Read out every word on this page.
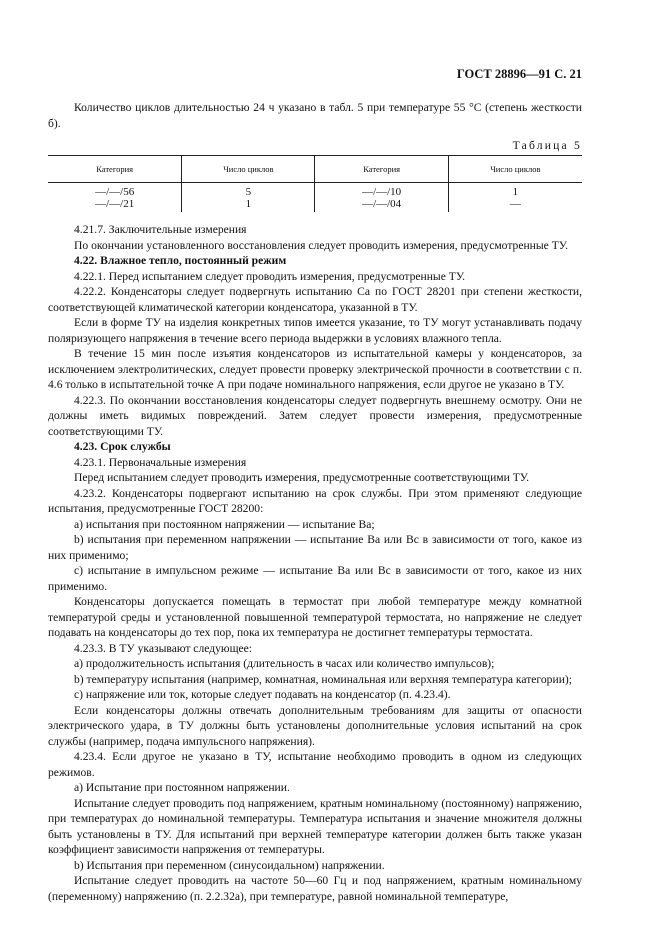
ГОСТ 28896—91 С. 21

Количество циклов длительностью 24 ч указано в табл. 5 при температуре 55 °С (степень жесткости б).

Таблица 5
Категория	Число циклов	Категория	Число циклов
—/—/56	5	—/—/10	1
—/—/21	1	—/—/04	—

4.21.7. Заключительные измерения

По окончании установленного восстановления следует проводить измерения, предусмотренные ТУ.

4.22. Влажное тепло, постоянный режим

4.22.1. Перед испытанием следует проводить измерения, предусмотренные ТУ.

4.22.2. Конденсаторы следует подвергнуть испытанию Са по ГОСТ 28201 при степени жесткости, соответствующей климатической категории конденсатора, указанной в ТУ.

Если в форме ТУ на изделия конкретных типов имеется указание, то ТУ могут устанавливать подачу поляризующего напряжения в течение всего периода выдержки в условиях влажного тепла.

В течение 15 мин после изъятия конденсаторов из испытательной камеры у конденсаторов, за исключением электролитических, следует провести проверку электрической прочности в соответствии с п. 4.6 только в испытательной точке А при подаче номинального напряжения, если другое не указано в ТУ.

4.22.3. По окончании восстановления конденсаторы следует подвергнуть внешнему осмотру. Они не должны иметь видимых повреждений. Затем следует провести измерения, предусмотренные соответствующими ТУ.

4.23. Срок службы

4.23.1. Первоначальные измерения

Перед испытанием следует проводить измерения, предусмотренные соответствующими ТУ.

4.23.2. Конденсаторы подвергают испытанию на срок службы. При этом применяют следующие испытания, предусмотренные ГОСТ 28200:

а) испытания при постоянном напряжении — испытание Ва;

b) испытания при переменном напряжении — испытание Ва или Вс в зависимости от того, какое из них применимо;

c) испытание в импульсном режиме — испытание Ва или Вс в зависимости от того, какое из них применимо.

Конденсаторы допускается помещать в термостат при любой температуре между комнатной температурой среды и установленной повышенной температурой термостата, но напряжение не следует подавать на конденсаторы до тех пор, пока их температура не достигнет температуры термостата.

4.23.3. В ТУ указывают следующее:

а) продолжительность испытания (длительность в часах или количество импульсов);

b) температуру испытания (например, комнатная, номинальная или верхняя температура категории);

c) напряжение или ток, которые следует подавать на конденсатор (п. 4.23.4).

Если конденсаторы должны отвечать дополнительным требованиям для защиты от опасности электрического удара, в ТУ должны быть установлены дополнительные условия испытаний на срок службы (например, подача импульсного напряжения).

4.23.4. Если другое не указано в ТУ, испытание необходимо проводить в одном из следующих режимов.

а) Испытание при постоянном напряжении.

Испытание следует проводить под напряжением, кратным номинальному (постоянному) напряжению, при температурах до номинальной температуры. Температура испытания и значение множителя должны быть установлены в ТУ. Для испытаний при верхней температуре категории должен быть также указан коэффициент зависимости напряжения от температуры.

b) Испытания при переменном (синусоидальном) напряжении.

Испытание следует проводить на частоте 50—60 Гц и под напряжением, кратным номинальному (переменному) напряжению (п. 2.2.32а), при температуре, равной номинальной температуре,
